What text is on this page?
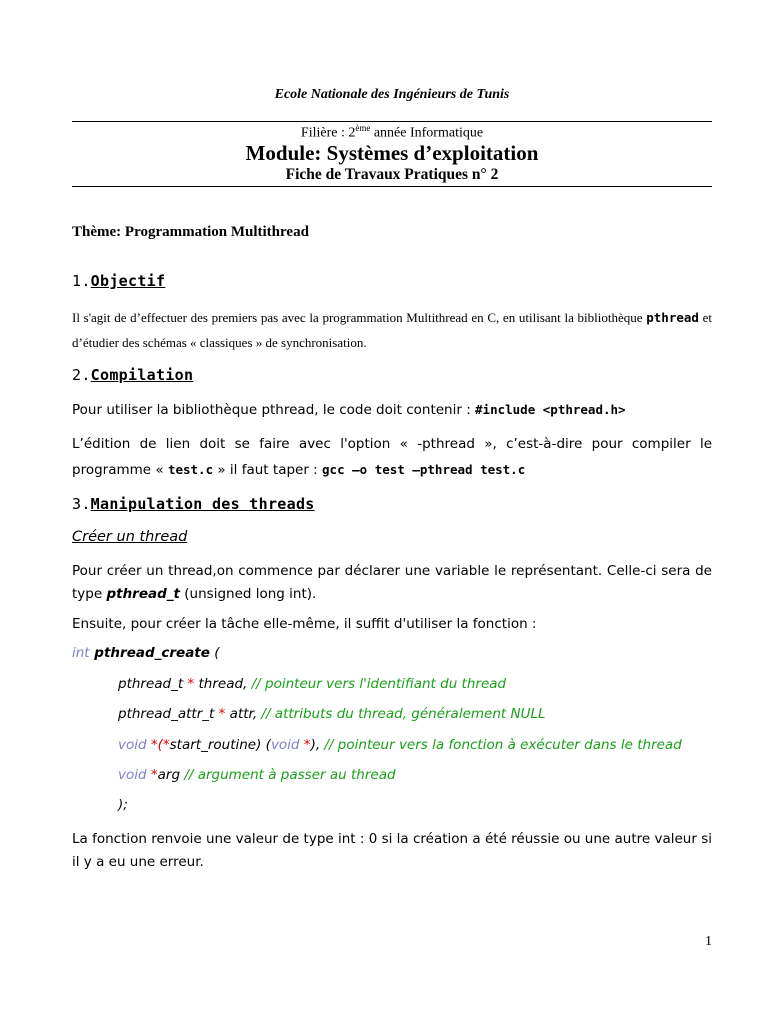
Ecole Nationale des Ingénieurs de Tunis
Filière : 2ème année Informatique
Module: Systèmes d’exploitation
Fiche de Travaux Pratiques n° 2
Thème: Programmation Multithread
1.Objectif
Il s'agit de d’effectuer des premiers pas avec la programmation Multithread en C, en utilisant la bibliothèque pthread et d’étudier des schémas « classiques » de synchronisation.
2.Compilation
Pour utiliser la bibliothèque pthread, le code doit contenir : #include <pthread.h>
L’édition de lien doit se faire avec l'option « -pthread », c’est-à-dire pour compiler le programme « test.c » il faut taper : gcc –o test –pthread test.c
3.Manipulation des threads
Créer un thread
Pour créer un thread,on commence par déclarer une variable le représentant. Celle-ci sera de type pthread_t (unsigned long int).
Ensuite, pour créer la tâche elle-même, il suffit d'utiliser la fonction :
int pthread_create (
pthread_t * thread, // pointeur vers l'identifiant du thread
pthread_attr_t * attr, // attributs du thread, généralement NULL
void *(*start_routine) (void *), // pointeur vers la fonction à exécuter dans le thread
void *arg // argument à passer au thread
);
La fonction renvoie une valeur de type int : 0 si la création a été réussie ou une autre valeur si il y a eu une erreur.
1
